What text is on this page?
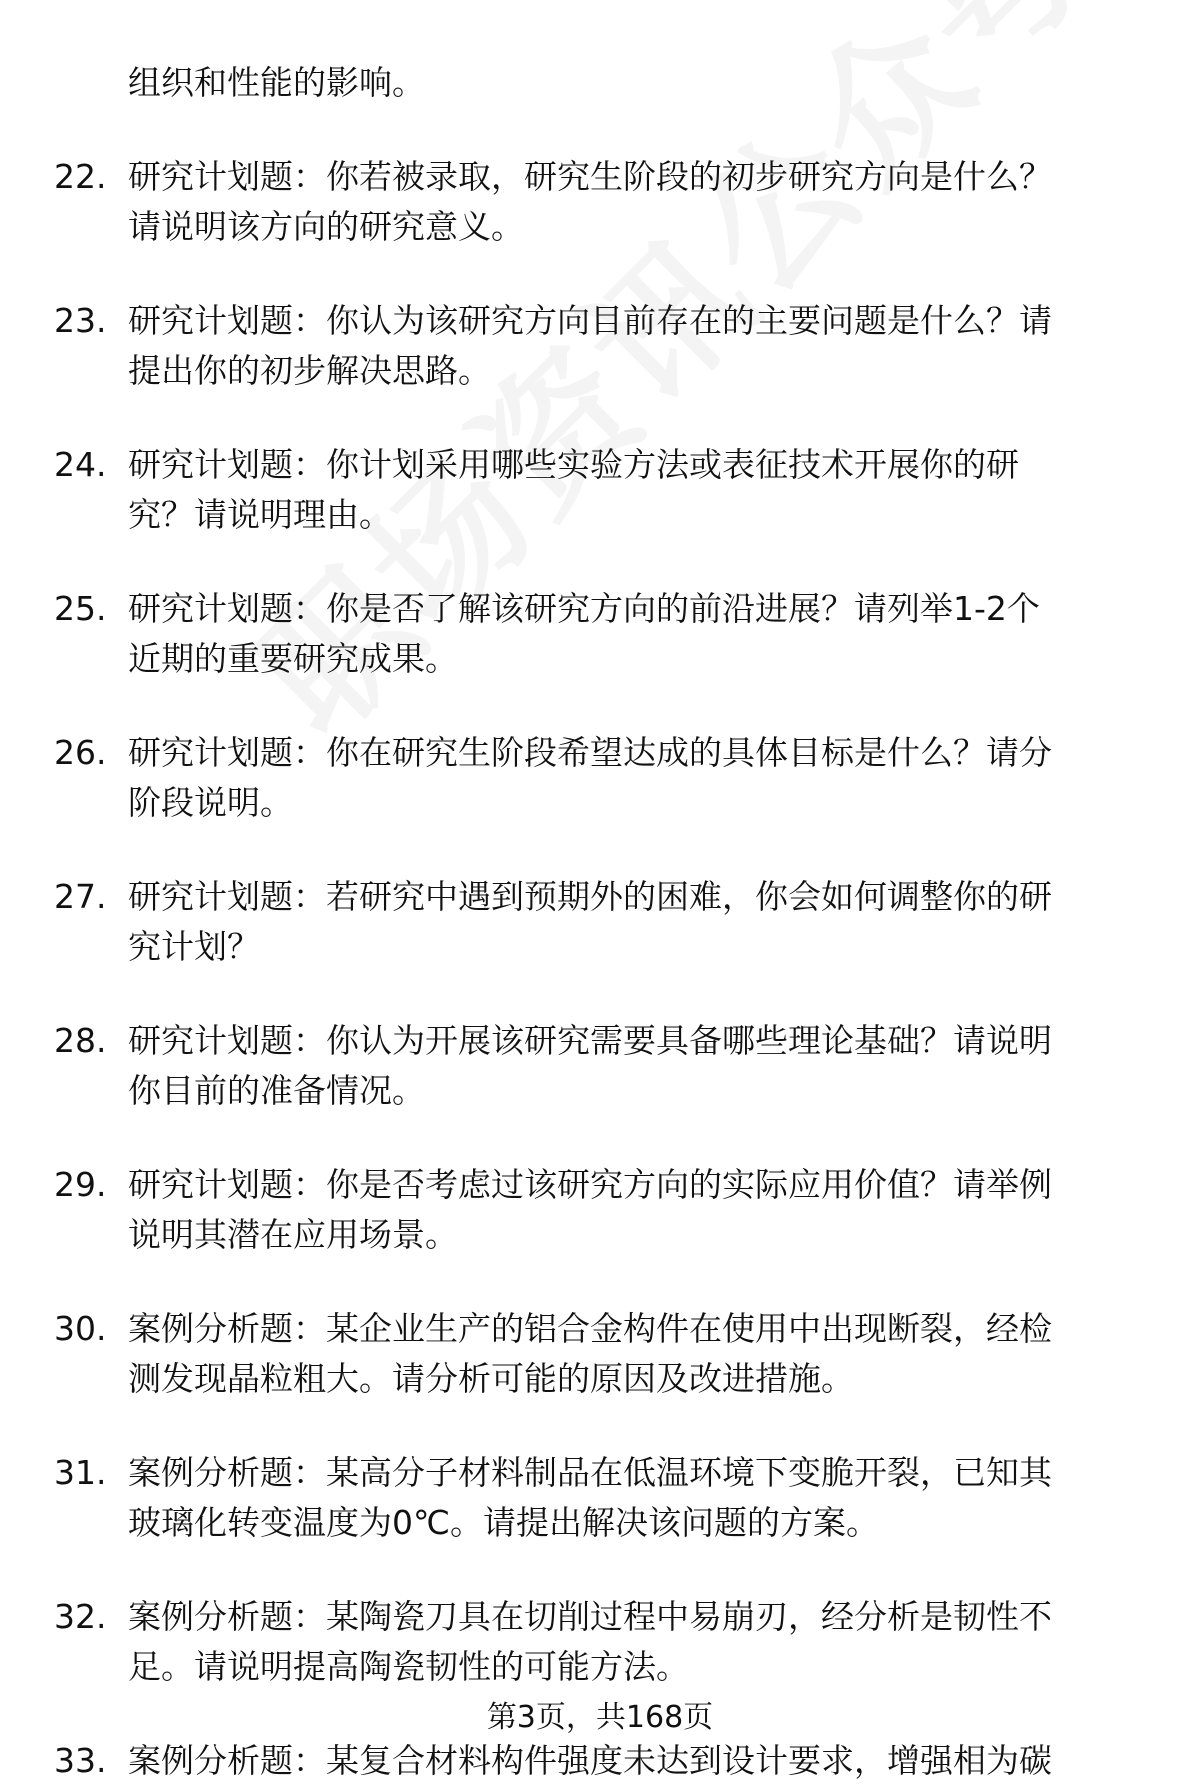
组织和性能的影响。
22. 研究计划题：你若被录取，研究生阶段的初步研究方向是什么？
请说明该方向的研究意义。
23. 研究计划题：你认为该研究方向目前存在的主要问题是什么？请
提出你的初步解决思路。
24. 研究计划题：你计划采用哪些实验方法或表征技术开展你的研
究？请说明理由。
25. 研究计划题：你是否了解该研究方向的前沿进展？请列举1-2个
近期的重要研究成果。
26. 研究计划题：你在研究生阶段希望达成的具体目标是什么？请分
阶段说明。
27. 研究计划题：若研究中遇到预期外的困难，你会如何调整你的研
究计划？
28. 研究计划题：你认为开展该研究需要具备哪些理论基础？请说明
你目前的准备情况。
29. 研究计划题：你是否考虑过该研究方向的实际应用价值？请举例
说明其潜在应用场景。
30. 案例分析题：某企业生产的铝合金构件在使用中出现断裂，经检
测发现晶粒粗大。请分析可能的原因及改进措施。
31. 案例分析题：某高分子材料制品在低温环境下变脆开裂，已知其
玻璃化转变温度为0℃。请提出解决该问题的方案。
32. 案例分析题：某陶瓷刀具在切削过程中易崩刃，经分析是韧性不
足。请说明提高陶瓷韧性的可能方法。
33. 案例分析题：某复合材料构件强度未达到设计要求，增强相为碳
第3页，共168页
